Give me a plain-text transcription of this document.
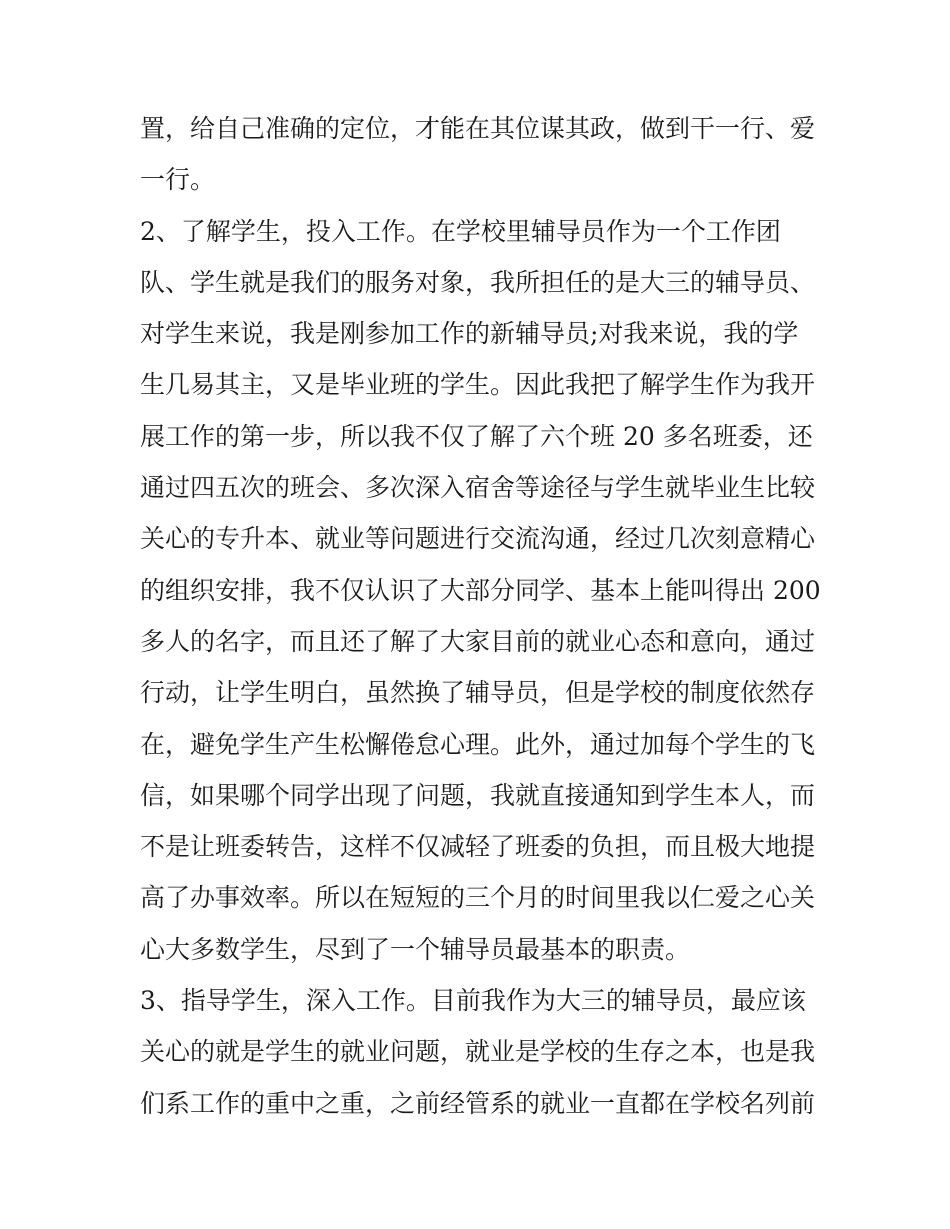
置，给自己准确的定位，才能在其位谋其政，做到干一行、爱
一行。
2、了解学生，投入工作。在学校里辅导员作为一个工作团
队、学生就是我们的服务对象，我所担任的是大三的辅导员、
对学生来说，我是刚参加工作的新辅导员;对我来说，我的学
生几易其主，又是毕业班的学生。因此我把了解学生作为我开
展工作的第一步，所以我不仅了解了六个班 20 多名班委，还
通过四五次的班会、多次深入宿舍等途径与学生就毕业生比较
关心的专升本、就业等问题进行交流沟通，经过几次刻意精心
的组织安排，我不仅认识了大部分同学、基本上能叫得出 200
多人的名字，而且还了解了大家目前的就业心态和意向，通过
行动，让学生明白，虽然换了辅导员，但是学校的制度依然存
在，避免学生产生松懈倦怠心理。此外，通过加每个学生的飞
信，如果哪个同学出现了问题，我就直接通知到学生本人，而
不是让班委转告，这样不仅减轻了班委的负担，而且极大地提
高了办事效率。所以在短短的三个月的时间里我以仁爱之心关
心大多数学生，尽到了一个辅导员最基本的职责。
3、指导学生，深入工作。目前我作为大三的辅导员，最应该
关心的就是学生的就业问题，就业是学校的生存之本，也是我
们系工作的重中之重，之前经管系的就业一直都在学校名列前
